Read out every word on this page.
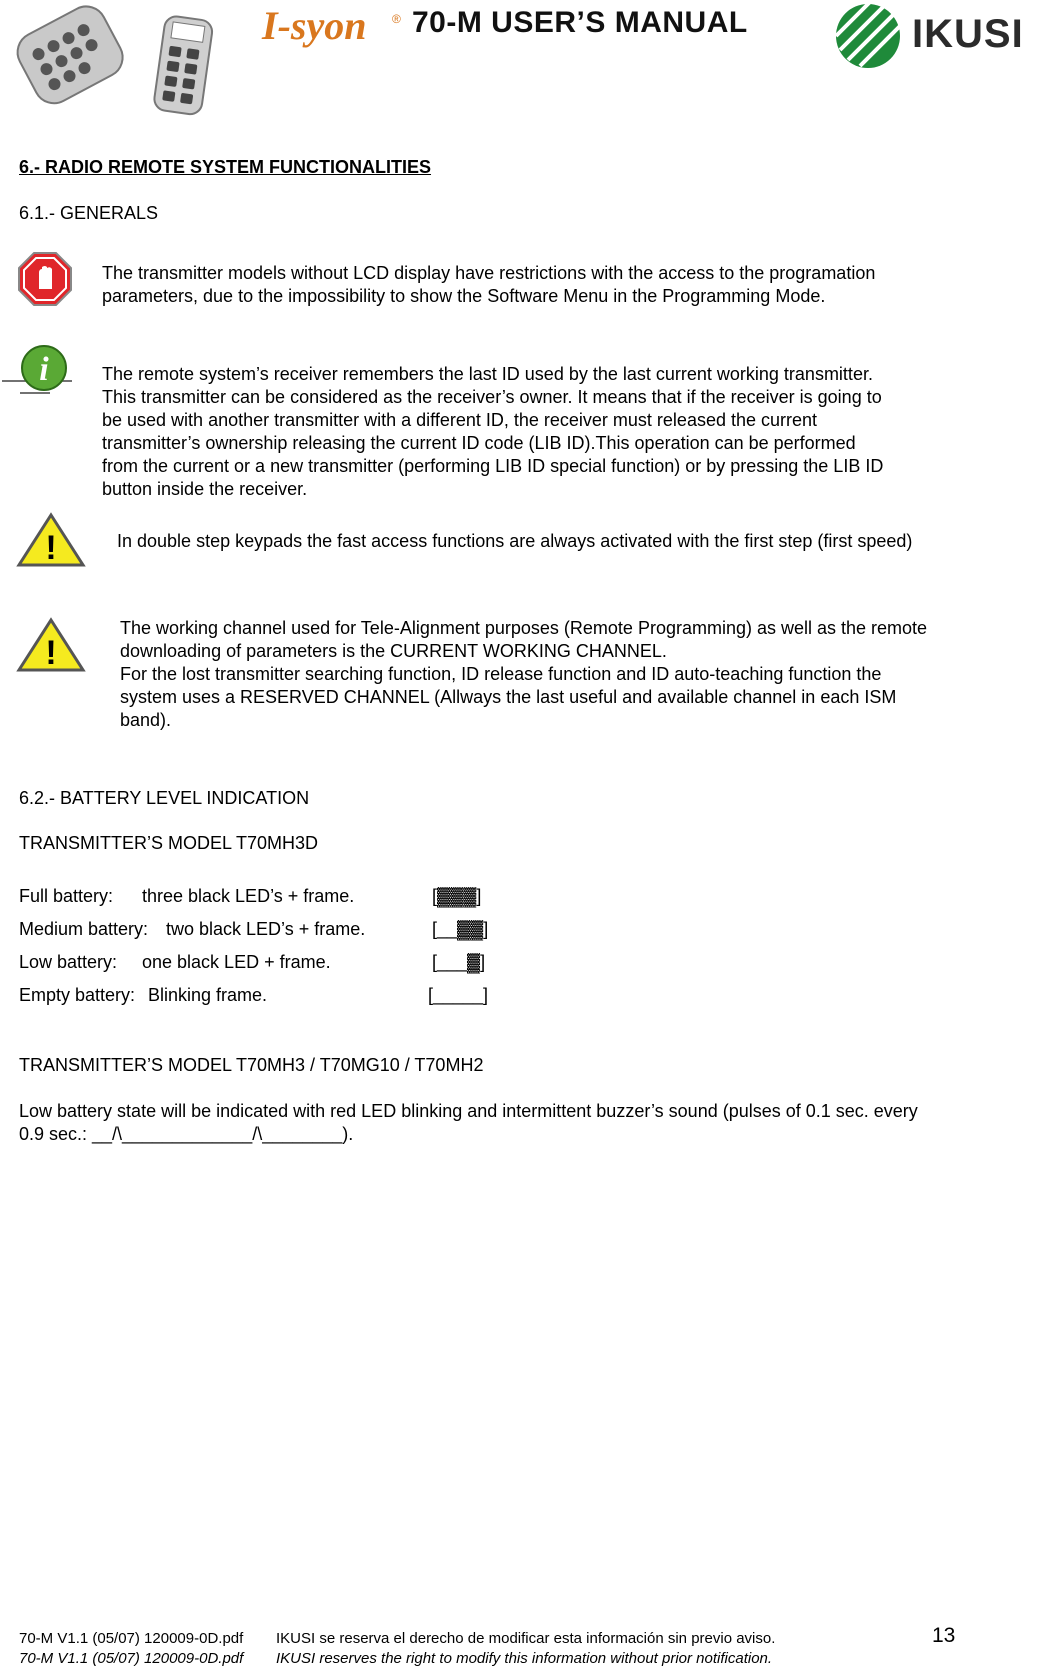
I-syon ® 70-M USER’S MANUAL	IKUSI
6.- RADIO REMOTE SYSTEM FUNCTIONALITIES
6.1.- GENERALS
The transmitter models without LCD display have restrictions with the access to the programation
parameters, due to the impossibility to show the Software Menu in the Programming Mode.
i	The remote system’s receiver remembers the last ID used by the last current working transmitter.
This transmitter can be considered as the receiver’s owner. It means that if the receiver is going to
be used with another transmitter with a different ID, the receiver must released the current
transmitter’s ownership releasing the current ID code (LIB ID).This operation can be performed
from the current or a new transmitter (performing LIB ID special function) or by pressing the LIB ID
button inside the receiver.
!	In double step keypads the fast access functions are always activated with the first step (first speed)
!
The working channel used for Tele-Alignment purposes (Remote Programming) as well as the remote
downloading of parameters is the CURRENT WORKING CHANNEL.
For the lost transmitter searching function, ID release function and ID auto-teaching function the
system uses a RESERVED CHANNEL (Allways the last useful and available channel in each ISM
band).
6.2.- BATTERY LEVEL INDICATION
TRANSMITTER’S MODEL T70MH3D
Full battery: three black LED’s + frame.	[▓▓▓]
Medium battery: two black LED’s + frame.	[__▓▓]
Low battery: one black LED + frame.	[___▓]
Empty battery: Blinking frame.	[_____]
TRANSMITTER’S MODEL T70MH3 / T70MG10 / T70MH2
Low battery state will be indicated with red LED blinking and intermittent buzzer’s sound (pulses of 0.1 sec. every
0.9 sec.: __/\_____________/\________).
70-M V1.1 (05/07) 120009-0D.pdf IKUSI se reserva el derecho de modificar esta información sin previo aviso.	13
70-M V1.1 (05/07) 120009-0D.pdf IKUSI reserves the right to modify this information without prior notification.
